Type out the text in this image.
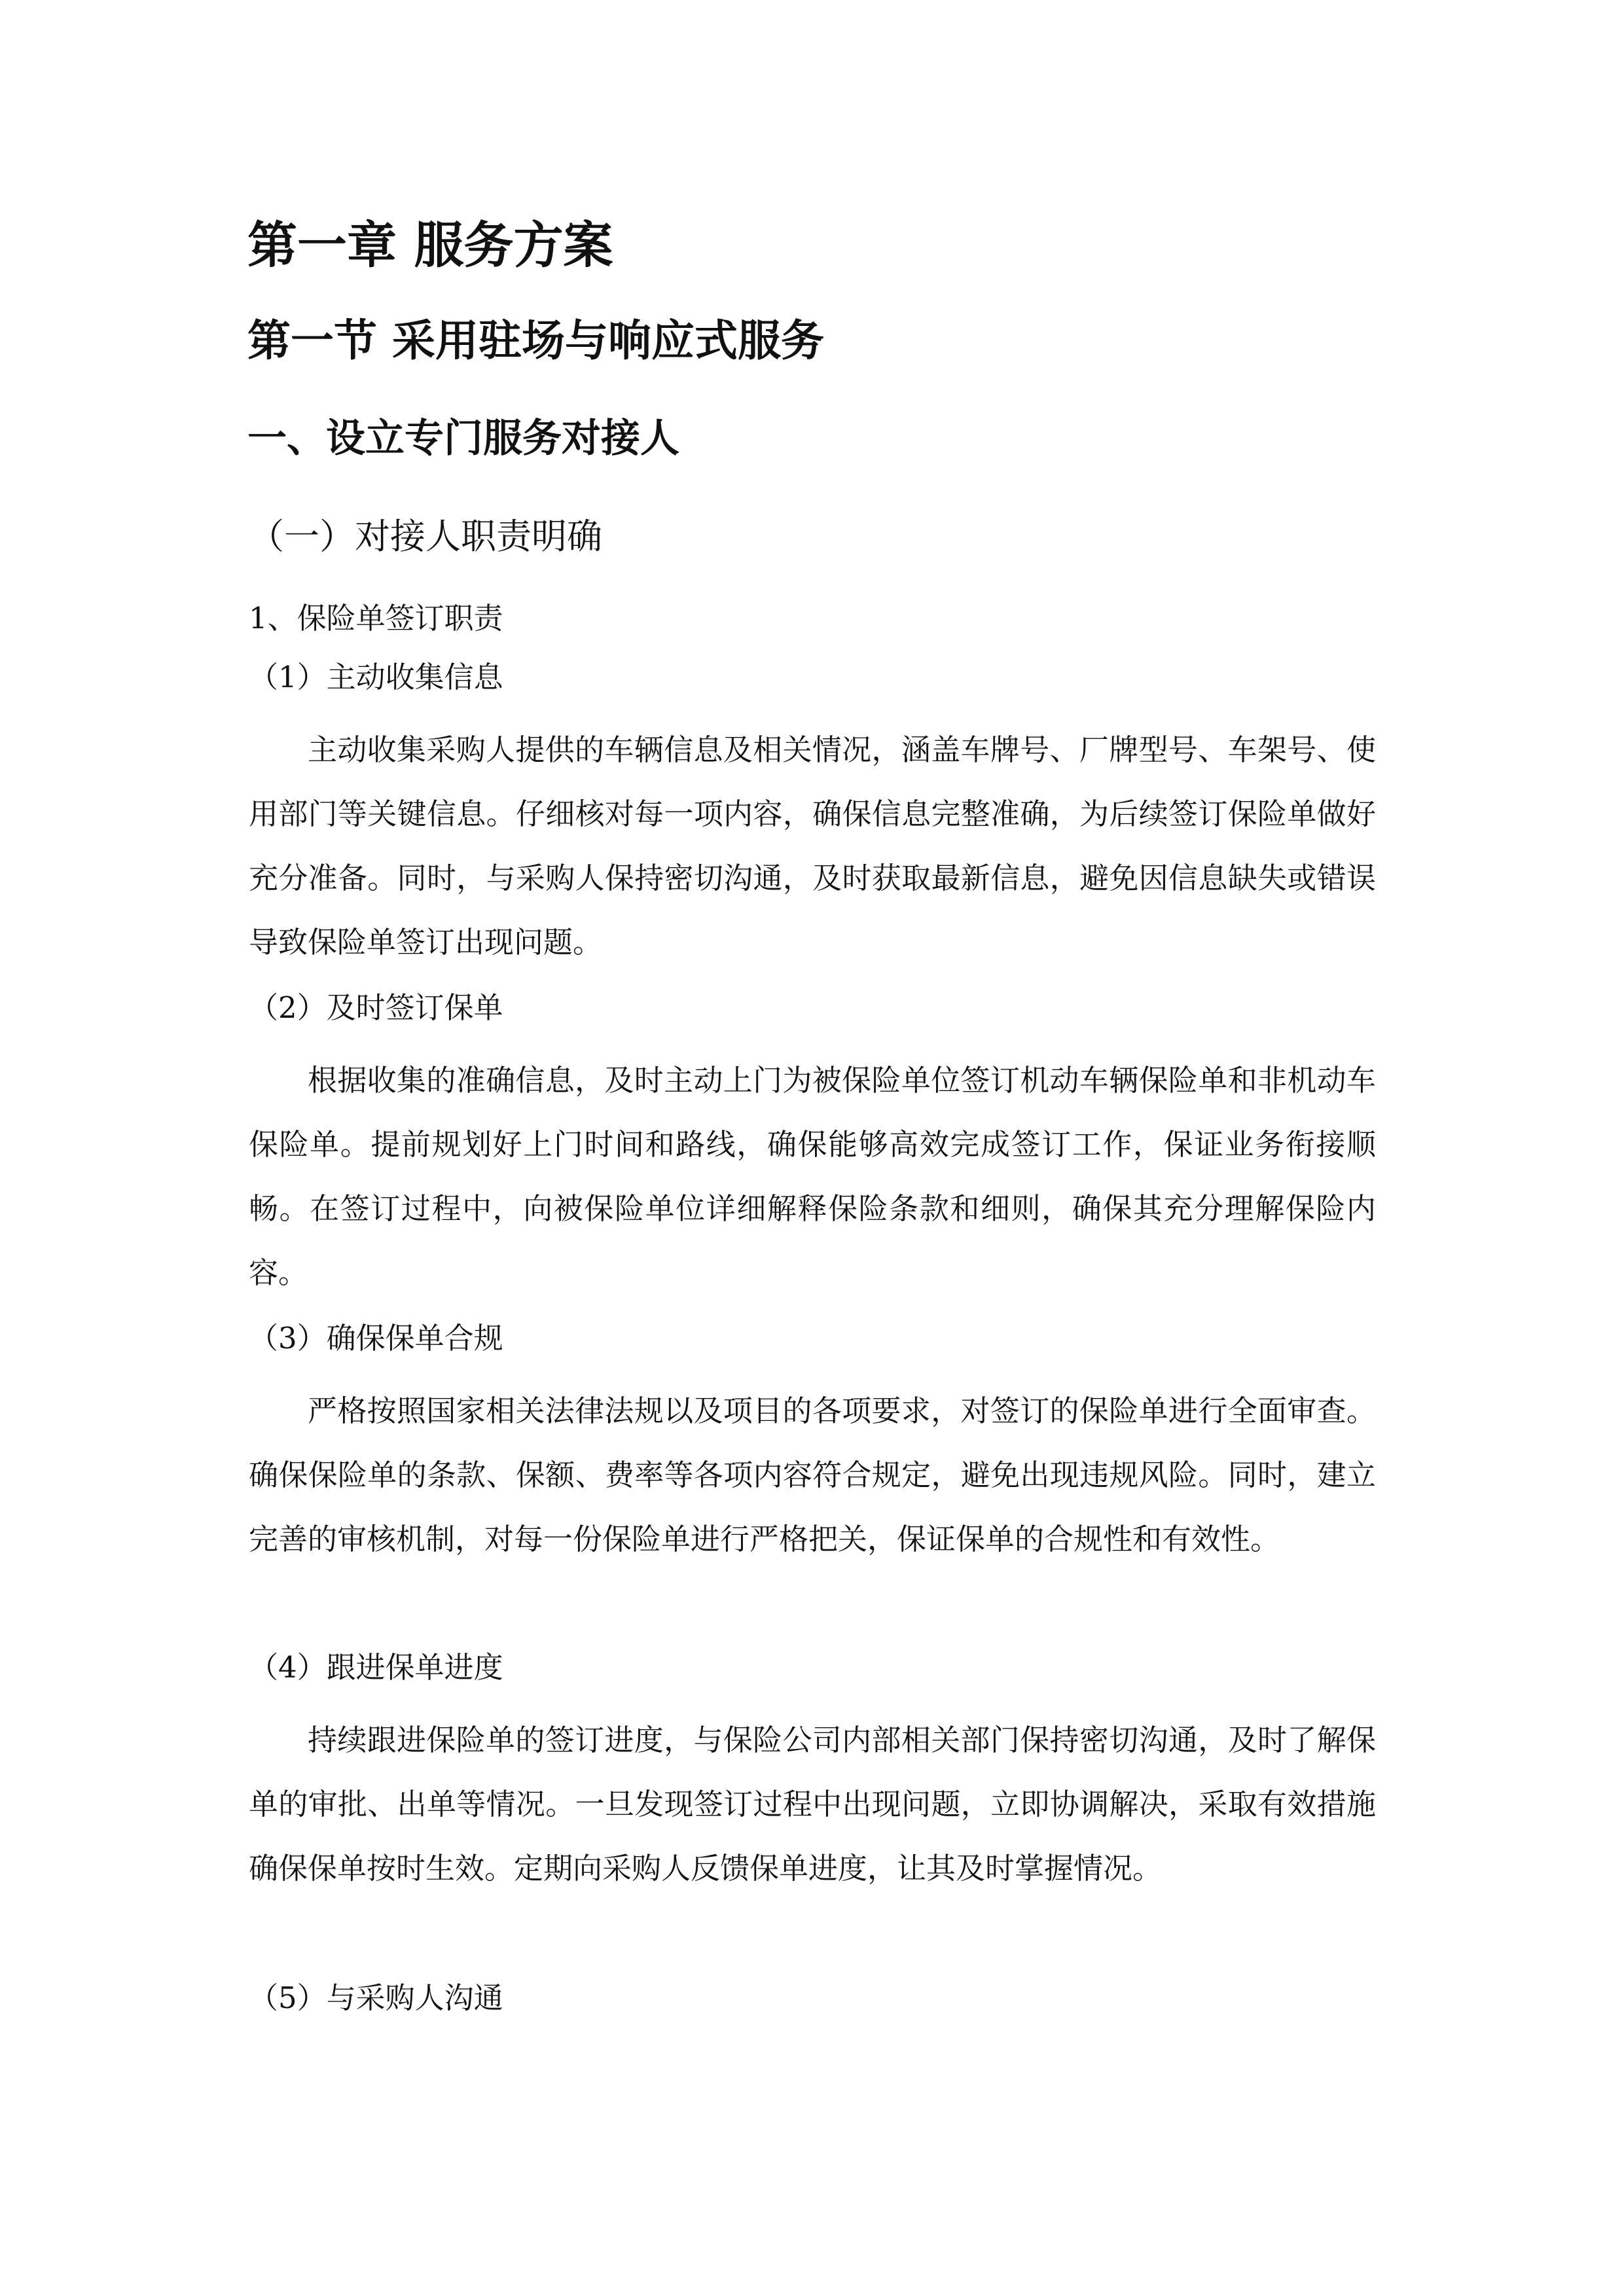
第一章 服务方案
第一节 采用驻场与响应式服务
一、设立专门服务对接人
（一）对接人职责明确
1、保险单签订职责
（1）主动收集信息

主动收集采购人提供的车辆信息及相关情况，涵盖车牌号、厂牌型号、车架号、使用部门等关键信息。仔细核对每一项内容，确保信息完整准确，为后续签订保险单做好充分准备。同时，与采购人保持密切沟通，及时获取最新信息，避免因信息缺失或错误导致保险单签订出现问题。

（2）及时签订保单

根据收集的准确信息，及时主动上门为被保险单位签订机动车辆保险单和非机动车保险单。提前规划好上门时间和路线，确保能够高效完成签订工作，保证业务衔接顺畅。在签订过程中，向被保险单位详细解释保险条款和细则，确保其充分理解保险内容。

（3）确保保单合规

严格按照国家相关法律法规以及项目的各项要求，对签订的保险单进行全面审查。确保保险单的条款、保额、费率等各项内容符合规定，避免出现违规风险。同时，建立完善的审核机制，对每一份保险单进行严格把关，保证保单的合规性和有效性。

（4）跟进保单进度

持续跟进保险单的签订进度，与保险公司内部相关部门保持密切沟通，及时了解保单的审批、出单等情况。一旦发现签订过程中出现问题，立即协调解决，采取有效措施确保保单按时生效。定期向采购人反馈保单进度，让其及时掌握情况。

（5）与采购人沟通
